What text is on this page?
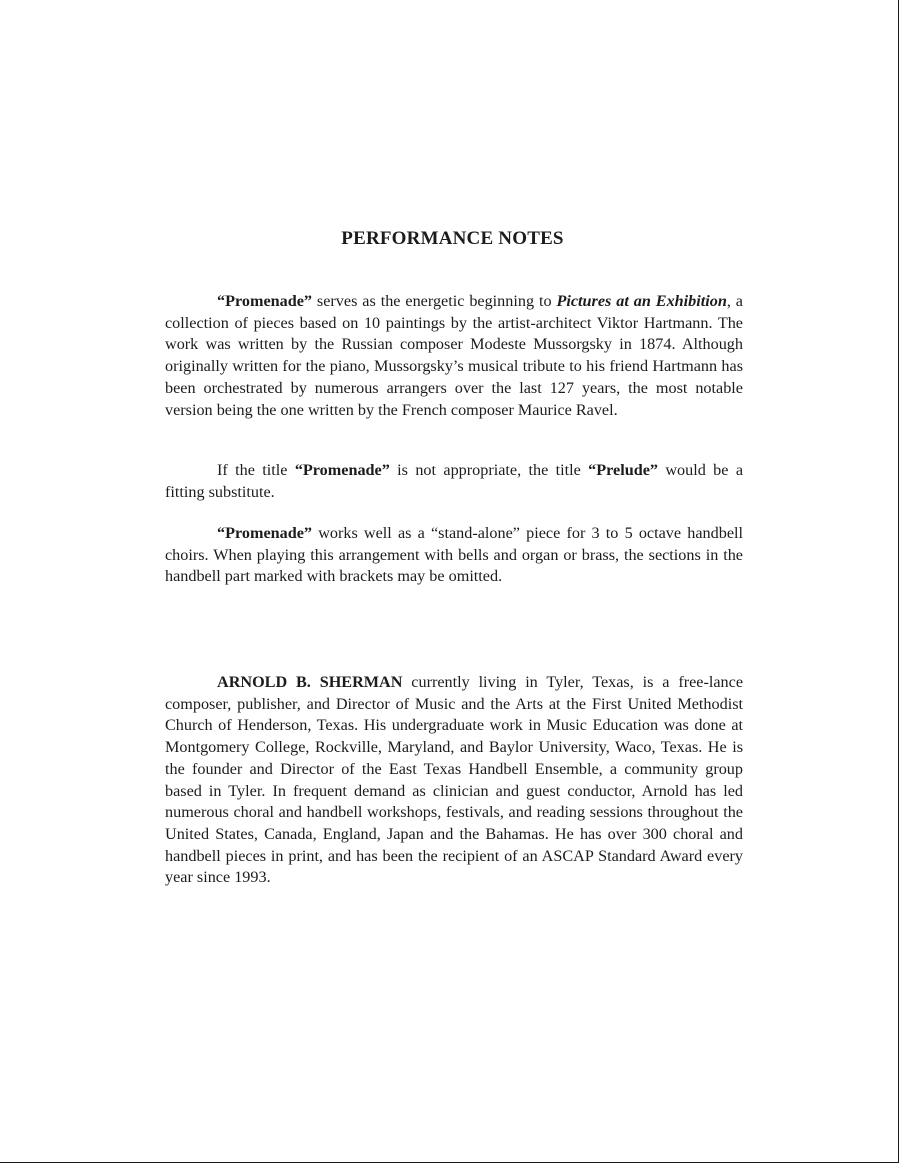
PERFORMANCE NOTES

“Promenade” serves as the energetic beginning to Pictures at an Exhibition, a collection of pieces based on 10 paintings by the artist-architect Viktor Hartmann. The work was written by the Russian composer Modeste Mussorgsky in 1874. Although originally written for the piano, Mussorgsky’s musical tribute to his friend Hartmann has been orchestrated by numerous arrangers over the last 127 years, the most notable version being the one written by the French composer Maurice Ravel.

If the title “Promenade” is not appropriate, the title “Prelude” would be a fitting substitute.

“Promenade” works well as a “stand-alone” piece for 3 to 5 octave handbell choirs. When playing this arrangement with bells and organ or brass, the sections in the handbell part marked with brackets may be omitted.

ARNOLD B. SHERMAN currently living in Tyler, Texas, is a free-lance composer, publisher, and Director of Music and the Arts at the First United Methodist Church of Henderson, Texas. His undergraduate work in Music Education was done at Montgomery College, Rockville, Maryland, and Baylor University, Waco, Texas. He is the founder and Director of the East Texas Handbell Ensemble, a community group based in Tyler. In frequent demand as clinician and guest conductor, Arnold has led numerous choral and handbell workshops, festivals, and reading sessions throughout the United States, Canada, England, Japan and the Bahamas. He has over 300 choral and handbell pieces in print, and has been the recipient of an ASCAP Standard Award every year since 1993.
